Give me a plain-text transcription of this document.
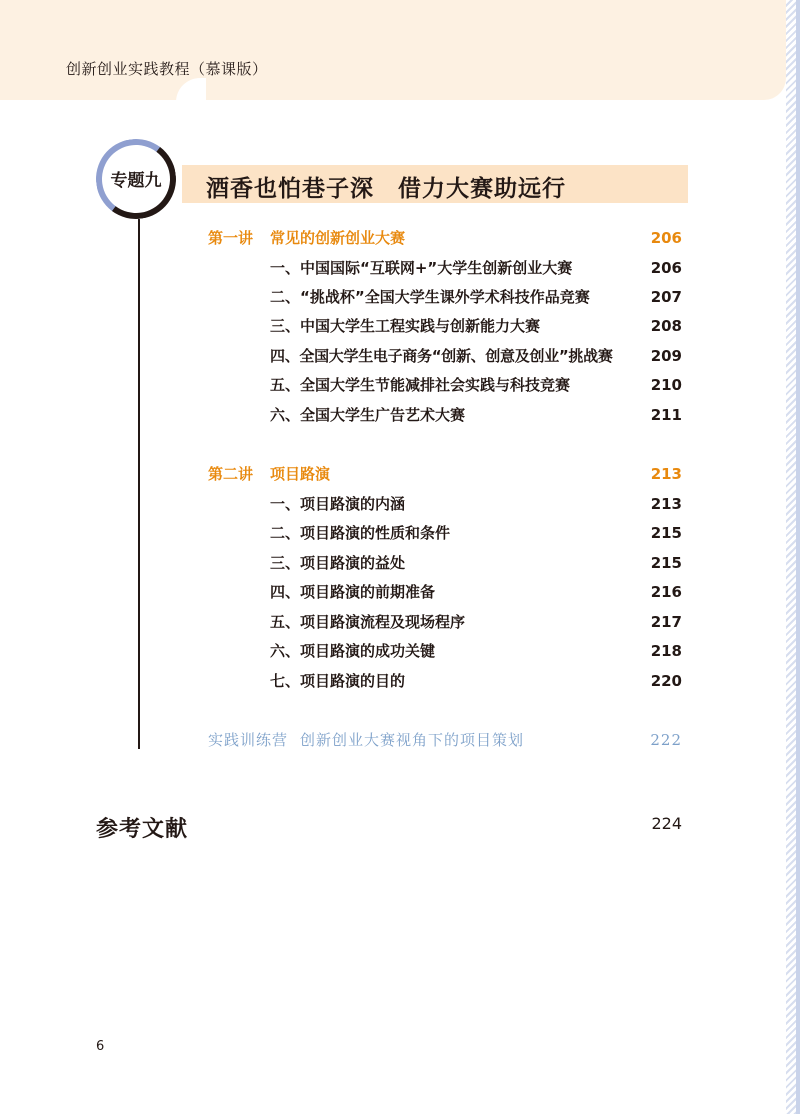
创新创业实践教程（慕课版）
专题九	酒香也怕巷子深　借力大赛助远行
第一讲 常见的创新创业大赛	206
一、中国国际“互联网+”大学生创新创业大赛	206
二、“挑战杯”全国大学生课外学术科技作品竞赛	207
三、中国大学生工程实践与创新能力大赛	208
四、全国大学生电子商务“创新、创意及创业”挑战赛	209
五、全国大学生节能减排社会实践与科技竞赛	210
六、全国大学生广告艺术大赛	211
第二讲 项目路演	213
一、项目路演的内涵	213
二、项目路演的性质和条件	215
三、项目路演的益处	215
四、项目路演的前期准备	216
五、项目路演流程及现场程序	217
六、项目路演的成功关键	218
七、项目路演的目的	220
实践训练营 创新创业大赛视角下的项目策划	222
参考文献	224
6
